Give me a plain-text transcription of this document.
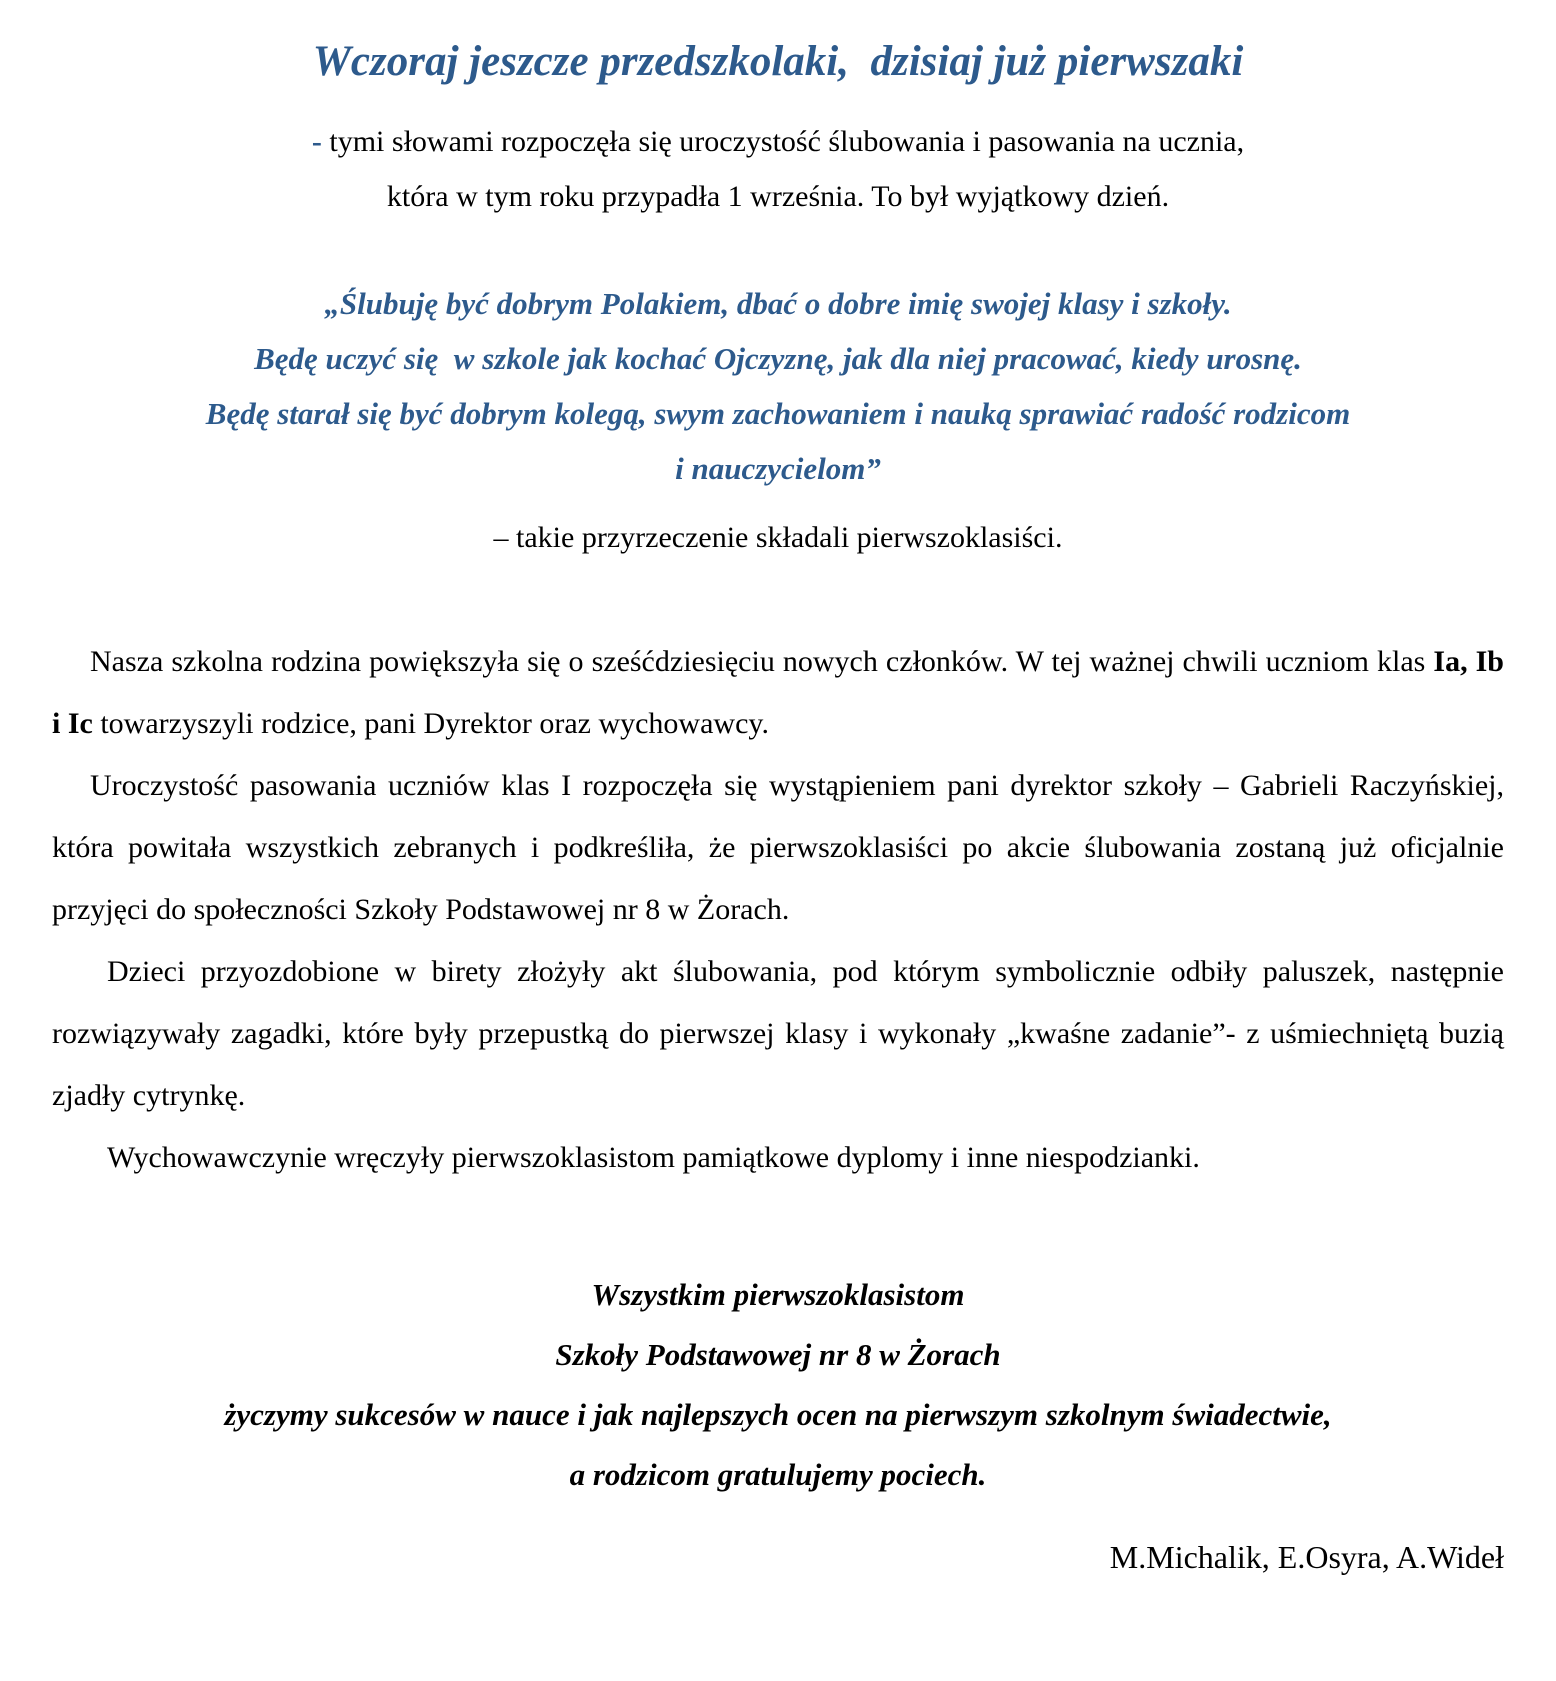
Wczoraj jeszcze przedszkolaki,  dzisiaj już pierwszaki
- tymi słowami rozpoczęła się uroczystość ślubowania i pasowania na ucznia,
która w tym roku przypadła 1 września. To był wyjątkowy dzień.
„Ślubuję być dobrym Polakiem, dbać o dobre imię swojej klasy i szkoły.
Będę uczyć się  w szkole jak kochać Ojczyznę, jak dla niej pracować, kiedy urosnę.
Będę starał się być dobrym kolegą, swym zachowaniem i nauką sprawiać radość rodzicom
i nauczycielom”
– takie przyrzeczenie składali pierwszoklasiści.

Nasza szkolna rodzina powiększyła się o sześćdziesięciu nowych członków. W tej ważnej chwili uczniom klas Ia, Ib i Ic towarzyszyli rodzice, pani Dyrektor oraz wychowawcy.

Uroczystość pasowania uczniów klas I rozpoczęła się wystąpieniem pani dyrektor szkoły – Gabrieli Raczyńskiej, która powitała wszystkich zebranych i podkreśliła, że pierwszoklasiści po akcie ślubowania zostaną już oficjalnie przyjęci do społeczności Szkoły Podstawowej nr 8 w Żorach.

Dzieci przyozdobione w birety złożyły akt ślubowania, pod którym symbolicznie odbiły paluszek, następnie rozwiązywały zagadki, które były przepustką do pierwszej klasy i wykonały „kwaśne zadanie”- z uśmiechniętą buzią zjadły cytrynkę.

Wychowawczynie wręczyły pierwszoklasistom pamiątkowe dyplomy i inne niespodzianki.

Wszystkim pierwszoklasistom
Szkoły Podstawowej nr 8 w Żorach
życzymy sukcesów w nauce i jak najlepszych ocen na pierwszym szkolnym świadectwie,
a rodzicom gratulujemy pociech.
M.Michalik, E.Osyra, A.Wideł
